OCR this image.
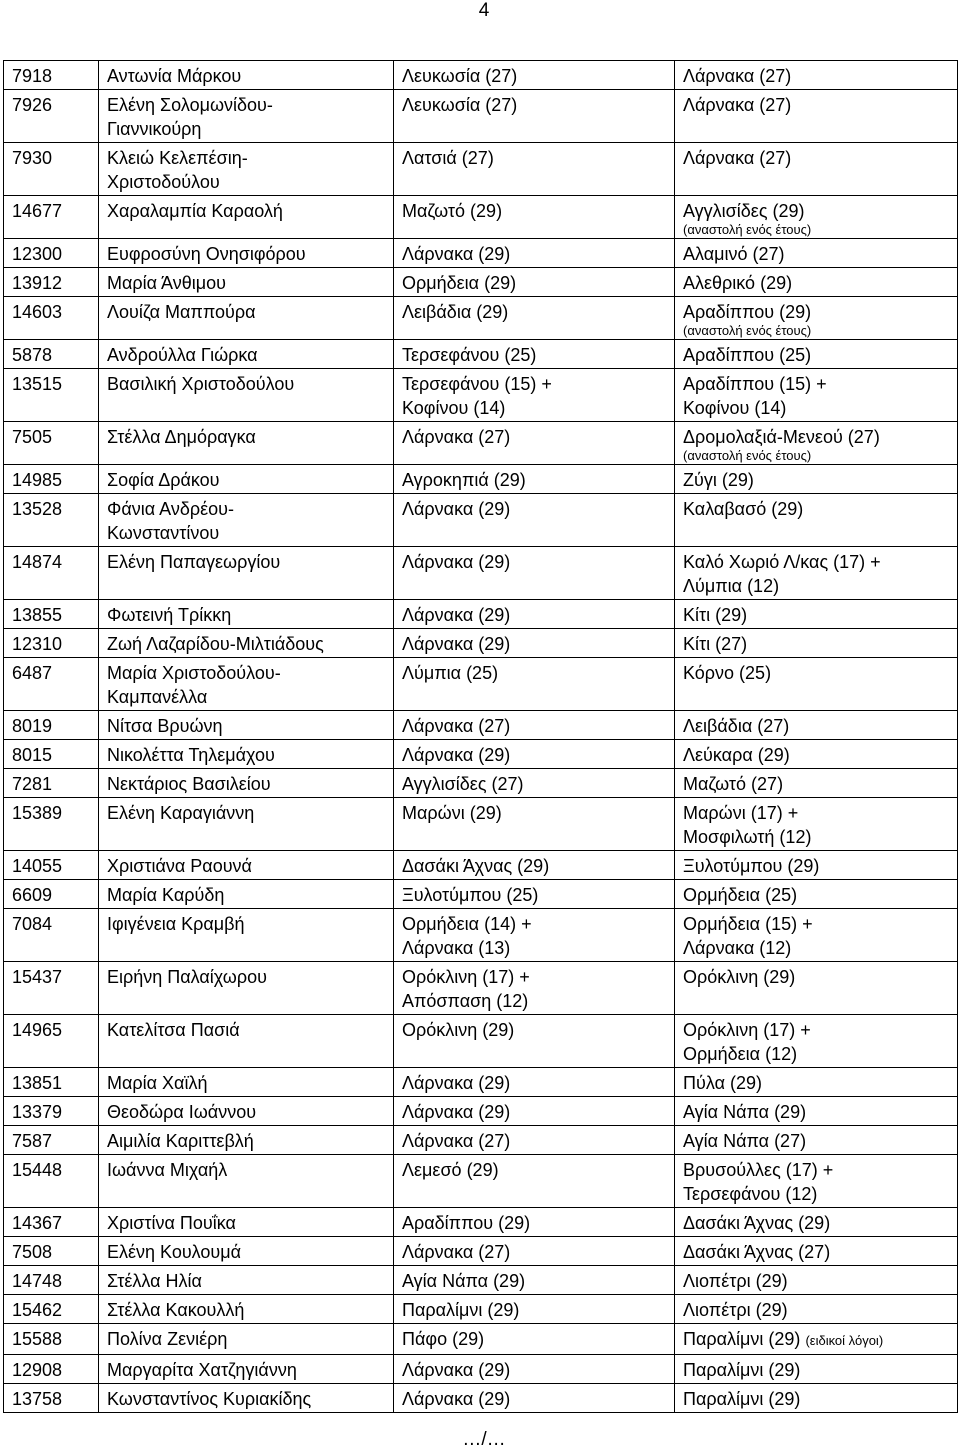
4
7918	Αντωνία Μάρκου	Λευκωσία (27)	Λάρνακα (27)

7926	Ελένη Σολομωνίδου-
Γιαννικούρη	Λευκωσία (27)	Λάρνακα (27)

7930	Κλειώ Κελεπέσιη-
Χριστοδούλου	Λατσιά (27)	Λάρνακα (27)

14677	Χαραλαμπία Καραολή	Μαζωτό (29)	Αγγλισίδες (29)
(αναστολή ενός έτους)

12300	Ευφροσύνη Ονησιφόρου	Λάρνακα (29)	Αλαμινό (27)

13912	Μαρία Άνθιμου	Ορμήδεια (29)	Αλεθρικό (29)

14603	Λουίζα Μαππούρα	Λειβάδια (29)	Αραδίππου (29)
(αναστολή ενός έτους)

5878	Ανδρούλλα Γιώρκα	Τερσεφάνου (25)	Αραδίππου (25)

13515	Βασιλική Χριστοδούλου	Τερσεφάνου (15) +
Κοφίνου (14)	Αραδίππου (15) +
Κοφίνου (14)

7505	Στέλλα Δημόραγκα	Λάρνακα (27)	Δρομολαξιά-Μενεού (27)
(αναστολή ενός έτους)

14985	Σοφία Δράκου	Αγροκηπιά (29)	Ζύγι (29)

13528	Φάνια Ανδρέου-
Κωνσταντίνου	Λάρνακα (29)	Καλαβασό (29)

14874	Ελένη Παπαγεωργίου	Λάρνακα (29)	Καλό Χωριό Λ/κας (17) +
Λύμπια (12)

13855	Φωτεινή Τρίκκη	Λάρνακα (29)	Κίτι (29)

12310	Ζωή Λαζαρίδου-Μιλτιάδους	Λάρνακα (29)	Κίτι (27)

6487	Μαρία Χριστοδούλου-
Καμπανέλλα	Λύμπια (25)	Κόρνο (25)

8019	Νίτσα Βρυώνη	Λάρνακα (27)	Λειβάδια (27)

8015	Νικολέττα Τηλεμάχου	Λάρνακα (29)	Λεύκαρα (29)

7281	Νεκτάριος Βασιλείου	Αγγλισίδες (27)	Μαζωτό (27)

15389	Ελένη Καραγιάννη	Μαρώνι (29)	Μαρώνι (17) +
Μοσφιλωτή (12)

14055	Χριστιάνα Ραουνά	Δασάκι Άχνας (29)	Ξυλοτύμπου (29)

6609	Μαρία Καρύδη	Ξυλοτύμπου (25)	Ορμήδεια (25)

7084	Ιφιγένεια Κραμβή	Ορμήδεια (14) +
Λάρνακα (13)	Ορμήδεια (15) +
Λάρνακα (12)

15437	Ειρήνη Παλαίχωρου	Ορόκλινη (17) +
Απόσπαση (12)	Ορόκλινη (29)

14965	Κατελίτσα Πασιά	Ορόκλινη (29)	Ορόκλινη (17) +
Ορμήδεια (12)

13851	Μαρία Χαϊλή	Λάρνακα (29)	Πύλα (29)

13379	Θεοδώρα Ιωάννου	Λάρνακα (29)	Αγία Νάπα (29)

7587	Αιμιλία Καριττεβλή	Λάρνακα (27)	Αγία Νάπα (27)

15448	Ιωάννα Μιχαήλ	Λεμεσό (29)	Βρυσούλλες (17) +
Τερσεφάνου (12)

14367	Χριστίνα Πουΐκα	Αραδίππου (29)	Δασάκι Άχνας (29)

7508	Ελένη Κουλουμά	Λάρνακα (27)	Δασάκι Άχνας (27)

14748	Στέλλα Ηλία	Αγία Νάπα (29)	Λιοπέτρι (29)

15462	Στέλλα Κακουλλή	Παραλίμνι (29)	Λιοπέτρι (29)

15588	Πολίνα Ζενιέρη	Πάφο (29)	Παραλίμνι (29) (ειδικοί λόγοι)

12908	Μαργαρίτα Χατζηγιάννη	Λάρνακα (29)	Παραλίμνι (29)

13758	Κωνσταντίνος Κυριακίδης	Λάρνακα (29)	Παραλίμνι (29)
…/…
